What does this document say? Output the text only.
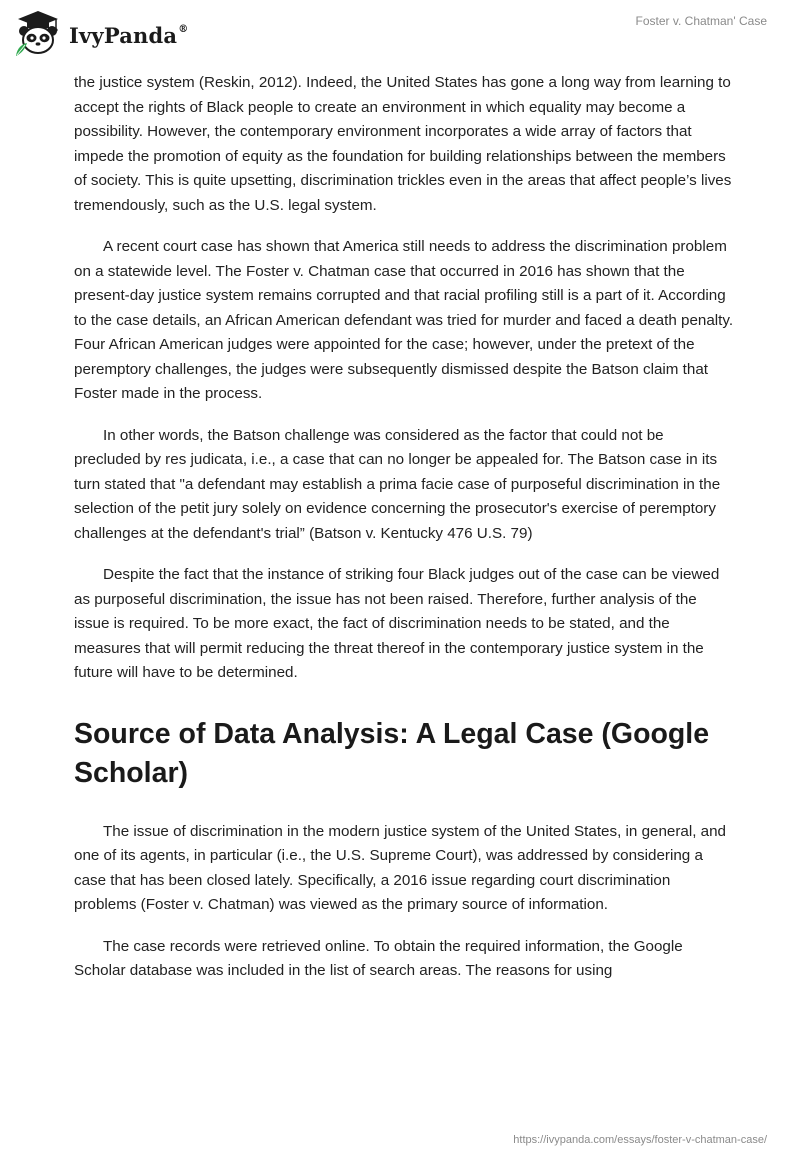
IvyPanda®
Foster v. Chatman' Case

the justice system (Reskin, 2012). Indeed, the United States has gone a long way from learning to accept the rights of Black people to create an environment in which equality may become a possibility. However, the contemporary environment incorporates a wide array of factors that impede the promotion of equity as the foundation for building relationships between the members of society. This is quite upsetting, discrimination trickles even in the areas that affect people’s lives tremendously, such as the U.S. legal system.

A recent court case has shown that America still needs to address the discrimination problem on a statewide level. The Foster v. Chatman case that occurred in 2016 has shown that the present-day justice system remains corrupted and that racial profiling still is a part of it. According to the case details, an African American defendant was tried for murder and faced a death penalty. Four African American judges were appointed for the case; however, under the pretext of the peremptory challenges, the judges were subsequently dismissed despite the Batson claim that Foster made in the process.

In other words, the Batson challenge was considered as the factor that could not be precluded by res judicata, i.e., a case that can no longer be appealed for. The Batson case in its turn stated that "a defendant may establish a prima facie case of purposeful discrimination in the selection of the petit jury solely on evidence concerning the prosecutor's exercise of peremptory challenges at the defendant's trial” (Batson v. Kentucky 476 U.S. 79)

Despite the fact that the instance of striking four Black judges out of the case can be viewed as purposeful discrimination, the issue has not been raised. Therefore, further analysis of the issue is required. To be more exact, the fact of discrimination needs to be stated, and the measures that will permit reducing the threat thereof in the contemporary justice system in the future will have to be determined.

Source of Data Analysis: A Legal Case (Google Scholar)

The issue of discrimination in the modern justice system of the United States, in general, and one of its agents, in particular (i.e., the U.S. Supreme Court), was addressed by considering a case that has been closed lately. Specifically, a 2016 issue regarding court discrimination problems (Foster v. Chatman) was viewed as the primary source of information.

The case records were retrieved online. To obtain the required information, the Google Scholar database was included in the list of search areas. The reasons for using

https://ivypanda.com/essays/foster-v-chatman-case/
